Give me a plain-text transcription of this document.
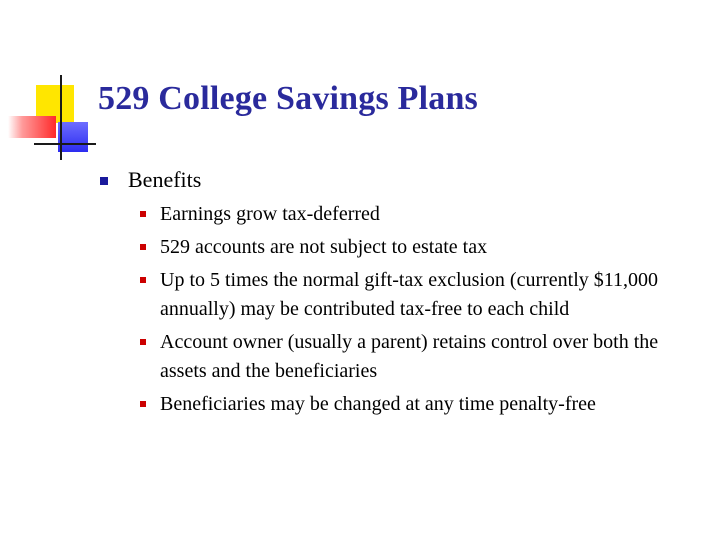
529 College Savings Plans
Benefits
Earnings grow tax-deferred
529 accounts are not subject to estate tax
Up to 5 times the normal gift-tax exclusion (currently $11,000 annually) may be contributed tax-free to each child
Account owner (usually a parent) retains control over both the assets and the beneficiaries
Beneficiaries may be changed at any time penalty-free
